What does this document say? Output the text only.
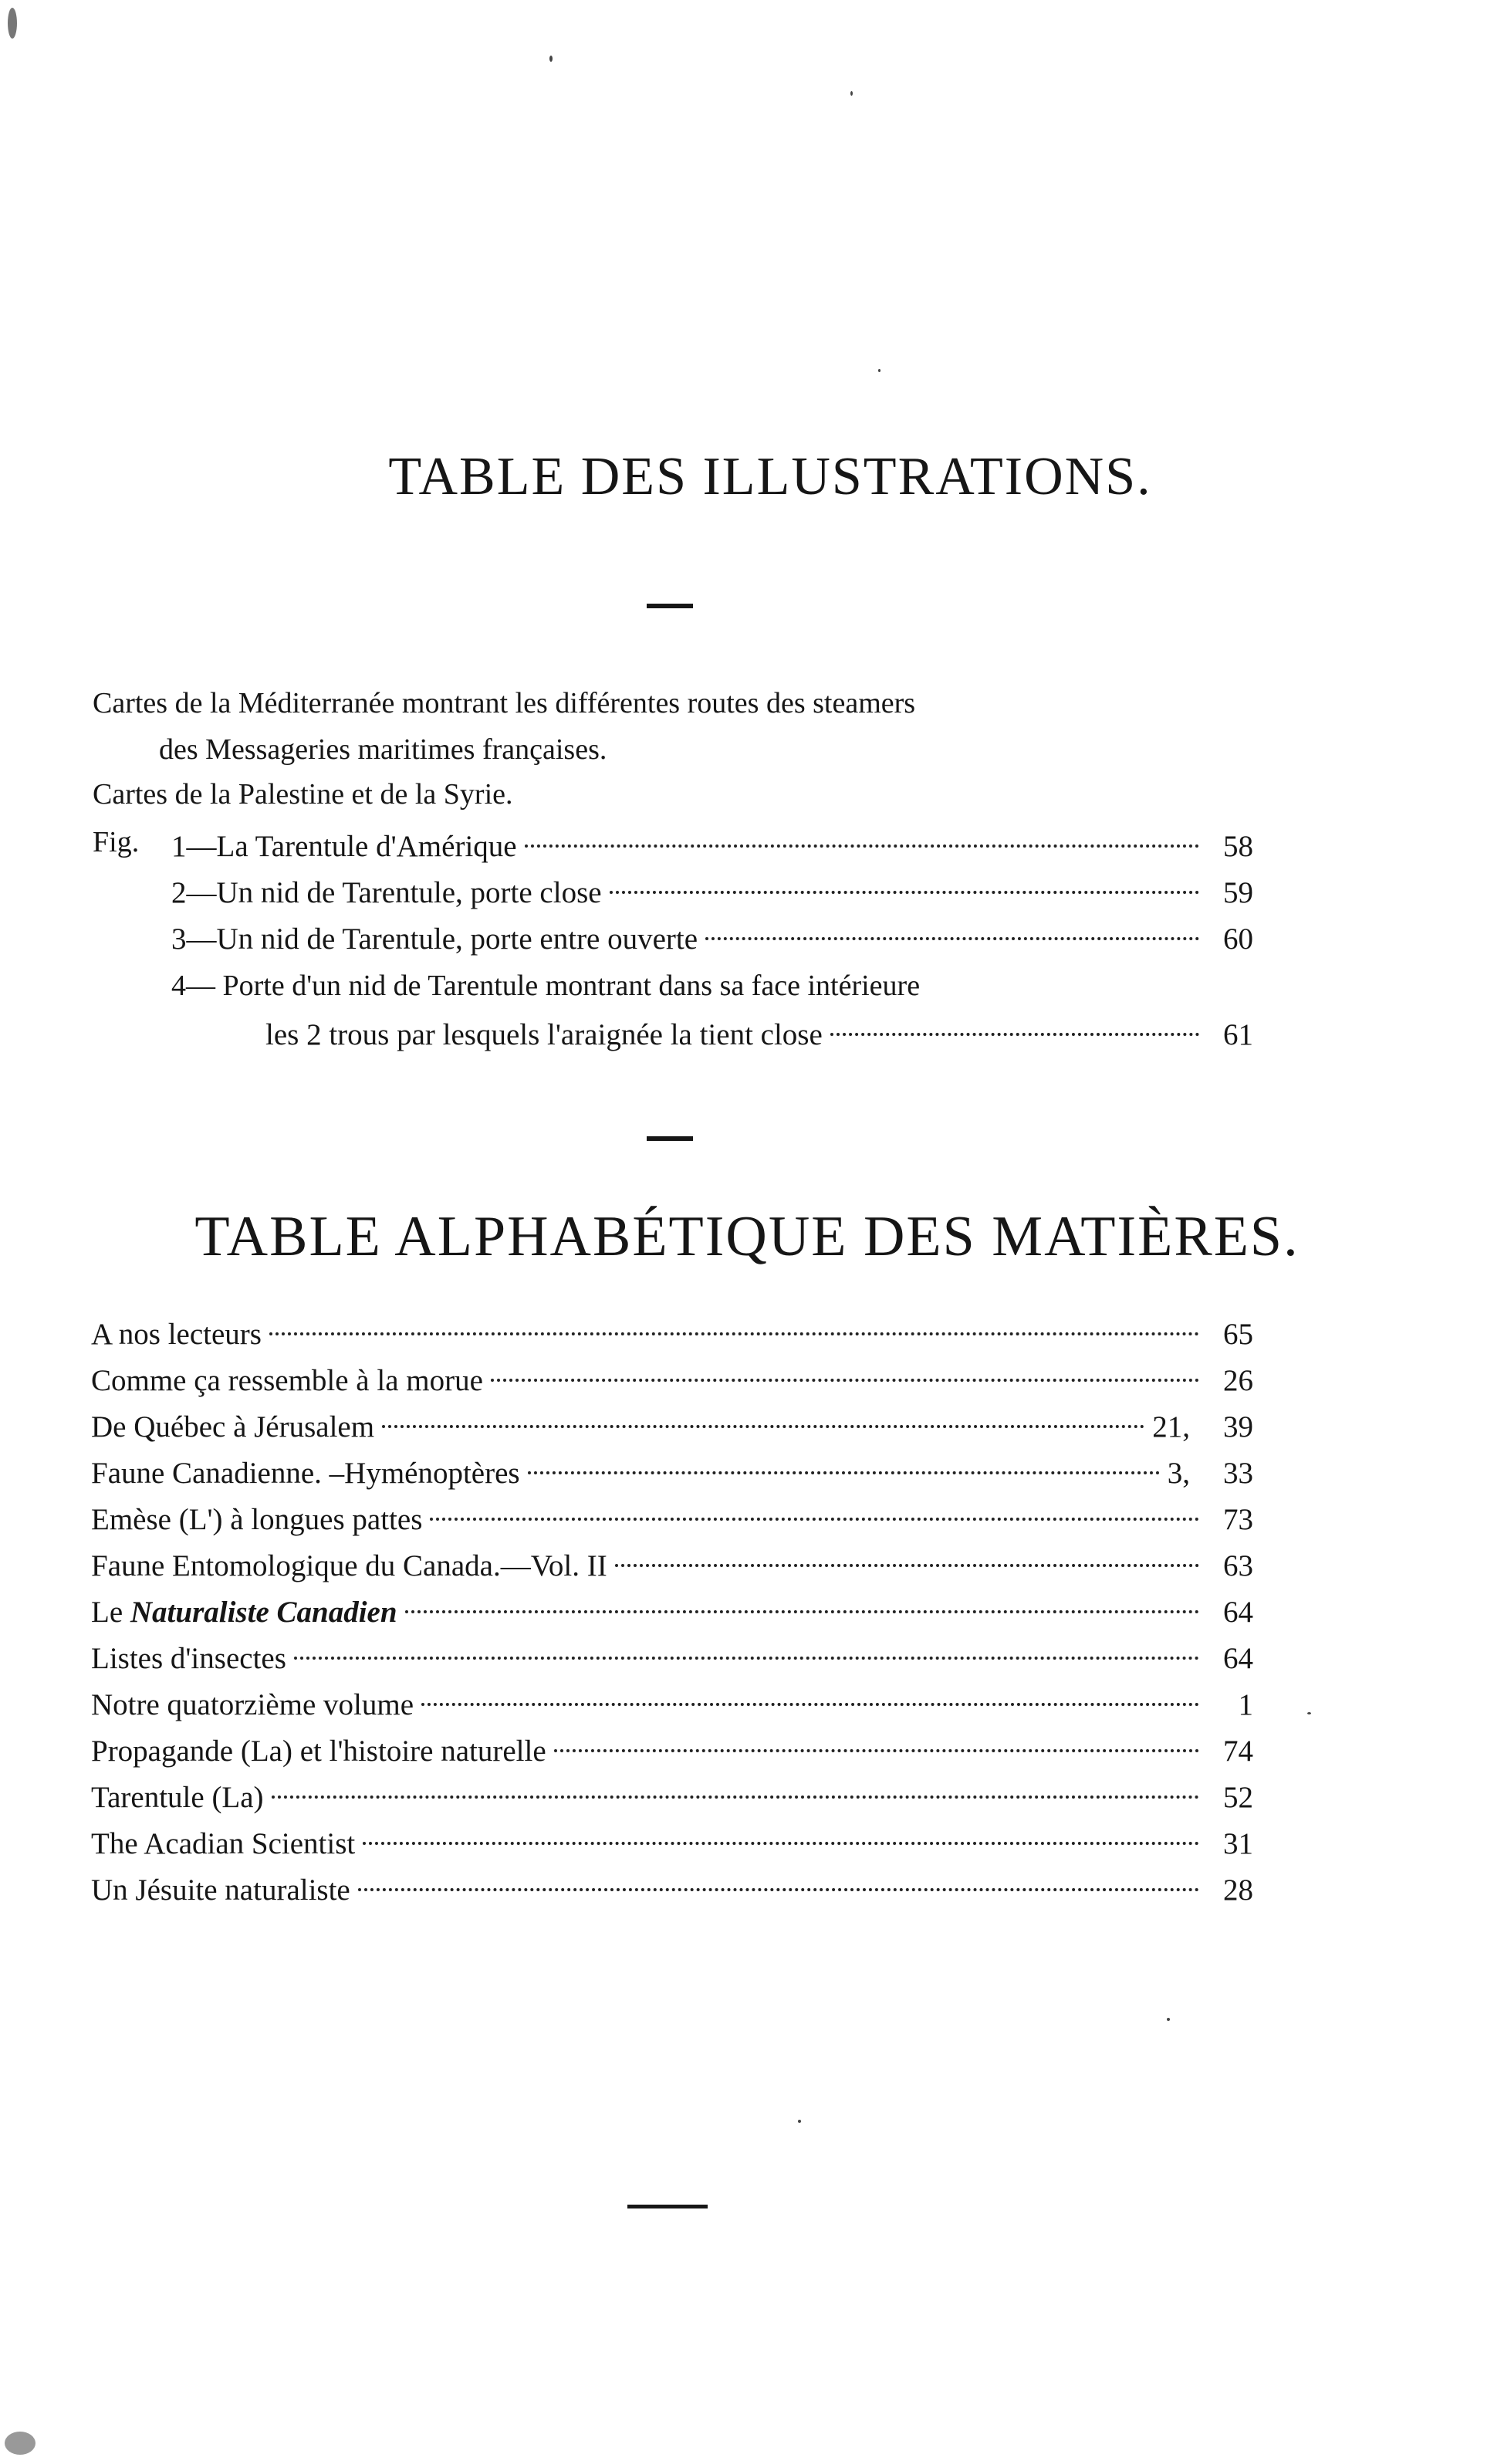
TABLE DES ILLUSTRATIONS.
Cartes de la Méditerranée montrant les différentes routes des steamers
des Messageries maritimes françaises.
Cartes de la Palestine et de la Syrie.
Fig. 1—La Tarentule d'Amérique	58
2—Un nid de Tarentule, porte close	59
3—Un nid de Tarentule, porte entre ouverte	60
4— Porte d'un nid de Tarentule montrant dans sa face intérieure
les 2 trous par lesquels l'araignée la tient close	61
TABLE ALPHABÉTIQUE DES MATIÈRES.
A nos lecteurs	65
Comme ça ressemble à la morue	26
De Québec à Jérusalem	21,	39
Faune Canadienne. –Hyménoptères	3,	33
Emèse (L') à longues pattes	73
Faune Entomologique du Canada.—Vol. II	63
Le Naturaliste Canadien	64
Listes d'insectes	64
Notre quatorzième volume	1
Propagande (La) et l'histoire naturelle	74
Tarentule (La)	52
The Acadian Scientist	31
Un Jésuite naturaliste	28
